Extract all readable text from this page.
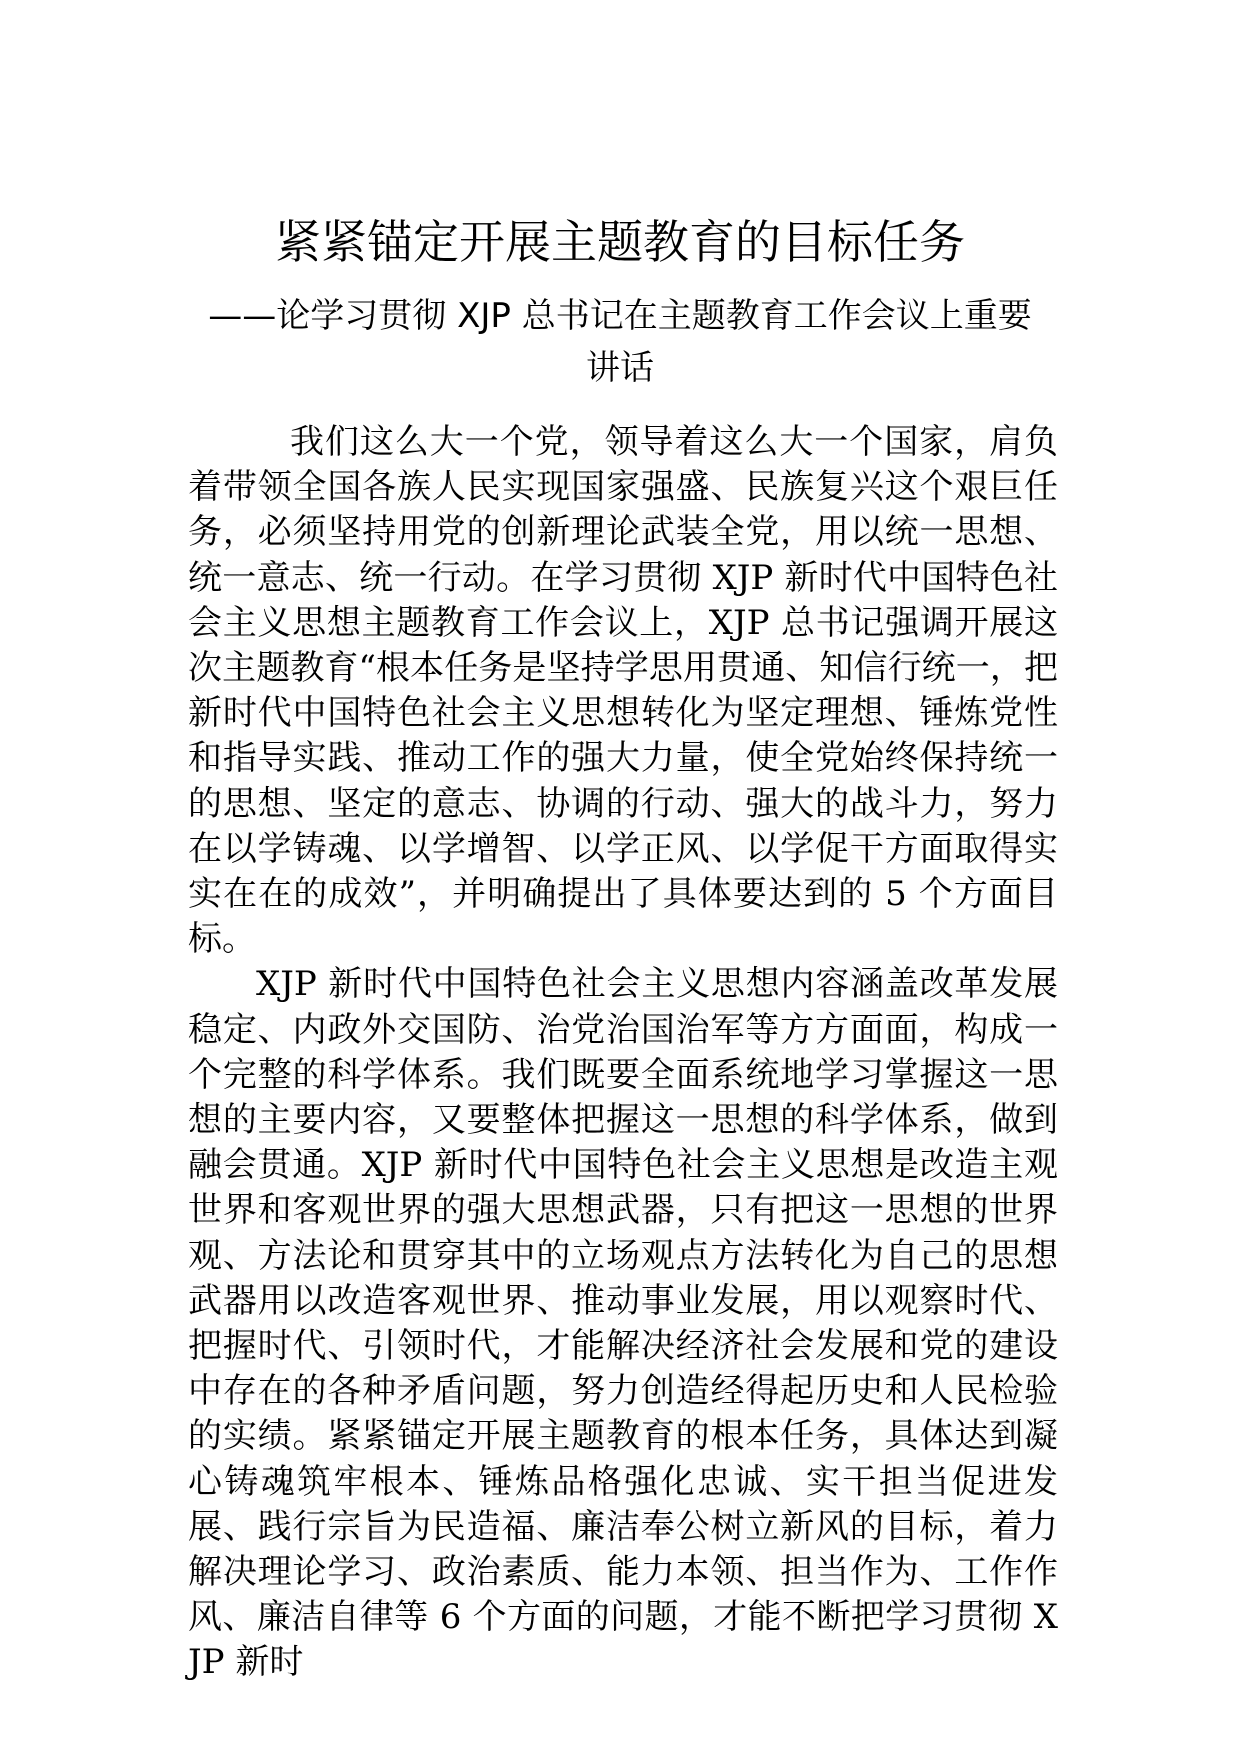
紧紧锚定开展主题教育的目标任务
——论学习贯彻 XJP 总书记在主题教育工作会议上重要讲话

我们这么大一个党，领导着这么大一个国家，肩负着带领全国各族人民实现国家强盛、民族复兴这个艰巨任务，必须坚持用党的创新理论武装全党，用以统一思想、统一意志、统一行动。在学习贯彻 XJP 新时代中国特色社会主义思想主题教育工作会议上，XJP 总书记强调开展这次主题教育“根本任务是坚持学思用贯通、知信行统一，把新时代中国特色社会主义思想转化为坚定理想、锤炼党性和指导实践、推动工作的强大力量，使全党始终保持统一的思想、坚定的意志、协调的行动、强大的战斗力，努力在以学铸魂、以学增智、以学正风、以学促干方面取得实实在在的成效”，并明确提出了具体要达到的 5 个方面目标。

XJP 新时代中国特色社会主义思想内容涵盖改革发展稳定、内政外交国防、治党治国治军等方方面面，构成一个完整的科学体系。我们既要全面系统地学习掌握这一思想的主要内容，又要整体把握这一思想的科学体系，做到融会贯通。XJP 新时代中国特色社会主义思想是改造主观世界和客观世界的强大思想武器，只有把这一思想的世界观、方法论和贯穿其中的立场观点方法转化为自己的思想武器用以改造客观世界、推动事业发展，用以观察时代、把握时代、引领时代，才能解决经济社会发展和党的建设中存在的各种矛盾问题，努力创造经得起历史和人民检验的实绩。紧紧锚定开展主题教育的根本任务，具体达到凝心铸魂筑牢根本、锤炼品格强化忠诚、实干担当促进发展、践行宗旨为民造福、廉洁奉公树立新风的目标，着力解决理论学习、政治素质、能力本领、担当作为、工作作风、廉洁自律等 6 个方面的问题，才能不断把学习贯彻 XJP 新时
